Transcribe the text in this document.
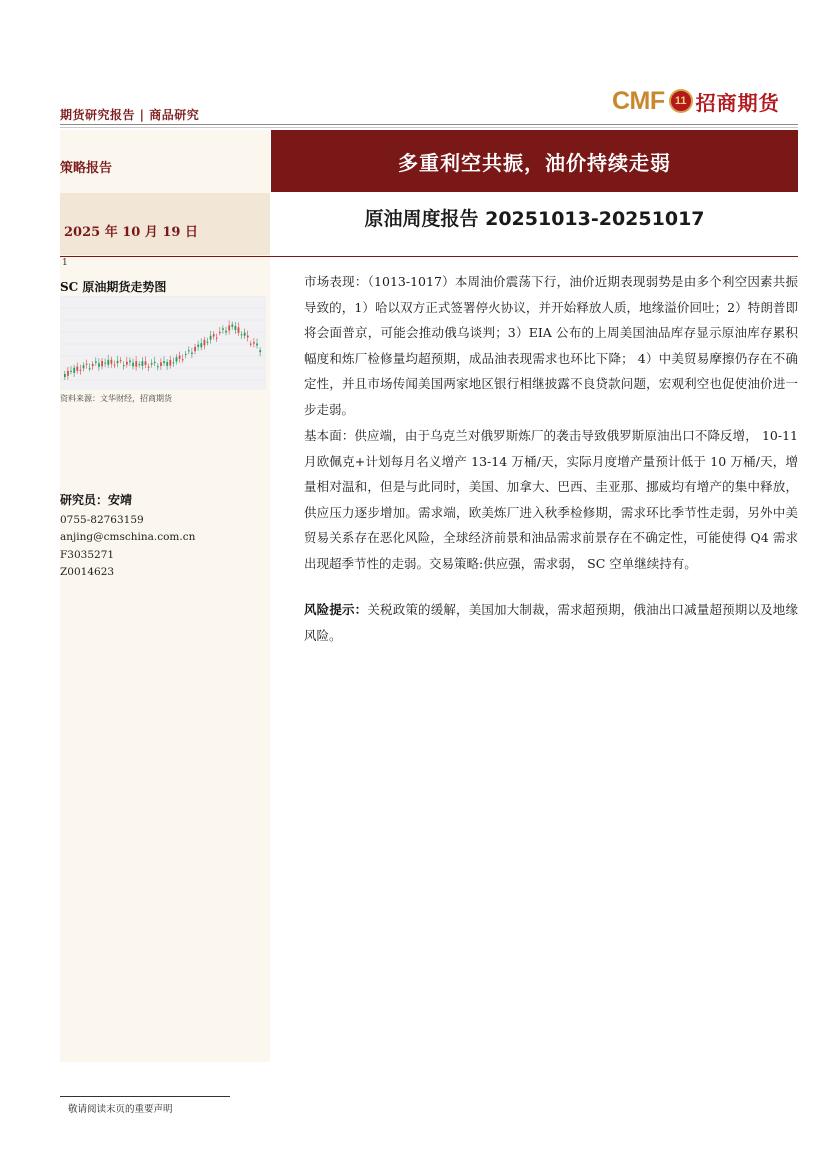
期货研究报告 | 商品研究
CMF 11 招商期货
策略报告
2025 年 10 月 19 日
1
多重利空共振，油价持续走弱
原油周度报告 20251013-20251017
SC 原油期货走势图
资料来源：文华财经，招商期货
研究员：安靖
0755-82763159
anjing@cmschina.com.cn
F3035271
Z0014623
市场表现：（1013-1017）本周油价震荡下行，油价近期表现弱势是由多个利空因素共振导致的，1）哈以双方正式签署停火协议，并开始释放人质，地缘溢价回吐；2）特朗普即将会面普京，可能会推动俄乌谈判；3）EIA 公布的上周美国油品库存显示原油库存累积幅度和炼厂检修量均超预期，成品油表现需求也环比下降； 4）中美贸易摩擦仍存在不确定性，并且市场传闻美国两家地区银行相继披露不良贷款问题，宏观利空也促使油价进一步走弱。
基本面：供应端，由于乌克兰对俄罗斯炼厂的袭击导致俄罗斯原油出口不降反增， 10-11 月欧佩克+计划每月名义增产 13-14 万桶/天，实际月度增产量预计低于 10 万桶/天，增量相对温和，但是与此同时，美国、加拿大、巴西、圭亚那、挪威均有增产的集中释放，供应压力逐步增加。需求端，欧美炼厂进入秋季检修期，需求环比季节性走弱，另外中美贸易关系存在恶化风险，全球经济前景和油品需求前景存在不确定性，可能使得 Q4 需求出现超季节性的走弱。交易策略:供应强，需求弱， SC 空单继续持有。
风险提示：关税政策的缓解，美国加大制裁，需求超预期，俄油出口减量超预期以及地缘风险。
敬请阅读末页的重要声明
